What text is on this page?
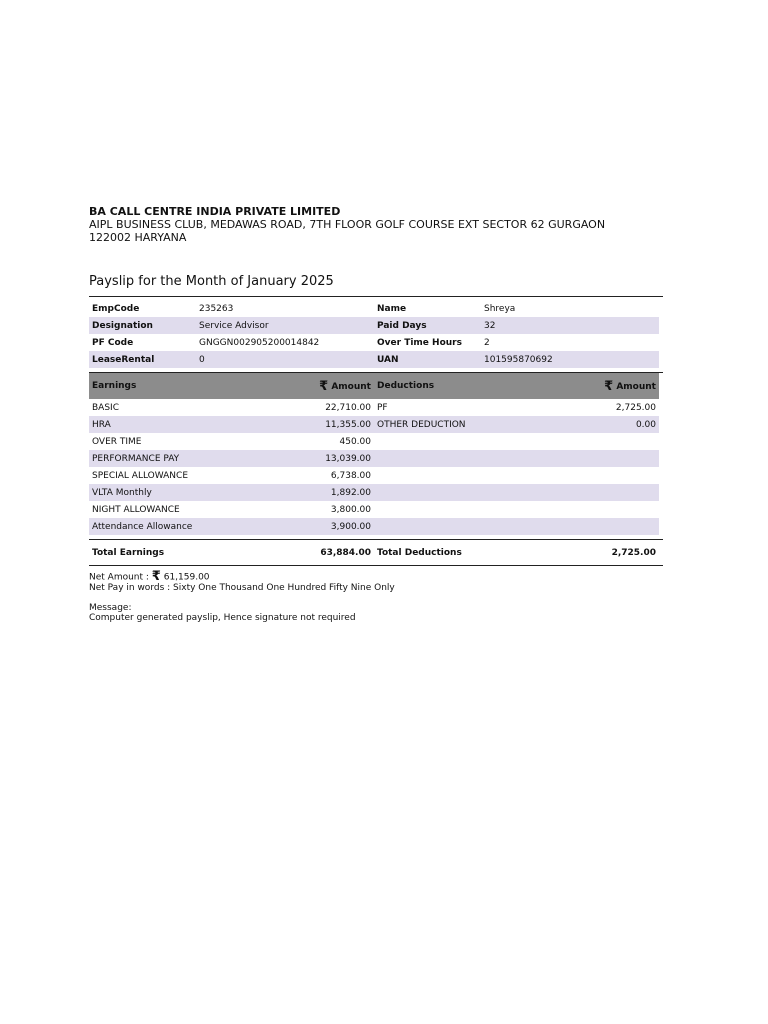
BA CALL CENTRE INDIA PRIVATE LIMITED
AIPL BUSINESS CLUB, MEDAWAS ROAD, 7TH FLOOR GOLF COURSE EXT SECTOR 62 GURGAON
122002 HARYANA
Payslip for the Month of January 2025
EmpCode	235263	Name	Shreya
Designation	Service Advisor	Paid Days	32
PF Code	GNGGN002905200014842	Over Time Hours	2
LeaseRental	0	UAN	101595870692
Earnings	₹ Amount	Deductions	₹ Amount
BASIC	22,710.00	PF	2,725.00
HRA	11,355.00	OTHER DEDUCTION	0.00
OVER TIME	450.00		
PERFORMANCE PAY	13,039.00		
SPECIAL ALLOWANCE	6,738.00		
VLTA Monthly	1,892.00		
NIGHT ALLOWANCE	3,800.00		
Attendance Allowance	3,900.00		
Total Earnings	63,884.00	Total Deductions	2,725.00
Net Amount : ₹ 61,159.00
Net Pay in words : Sixty One Thousand One Hundred Fifty Nine Only
Message:
Computer generated payslip, Hence signature not required
